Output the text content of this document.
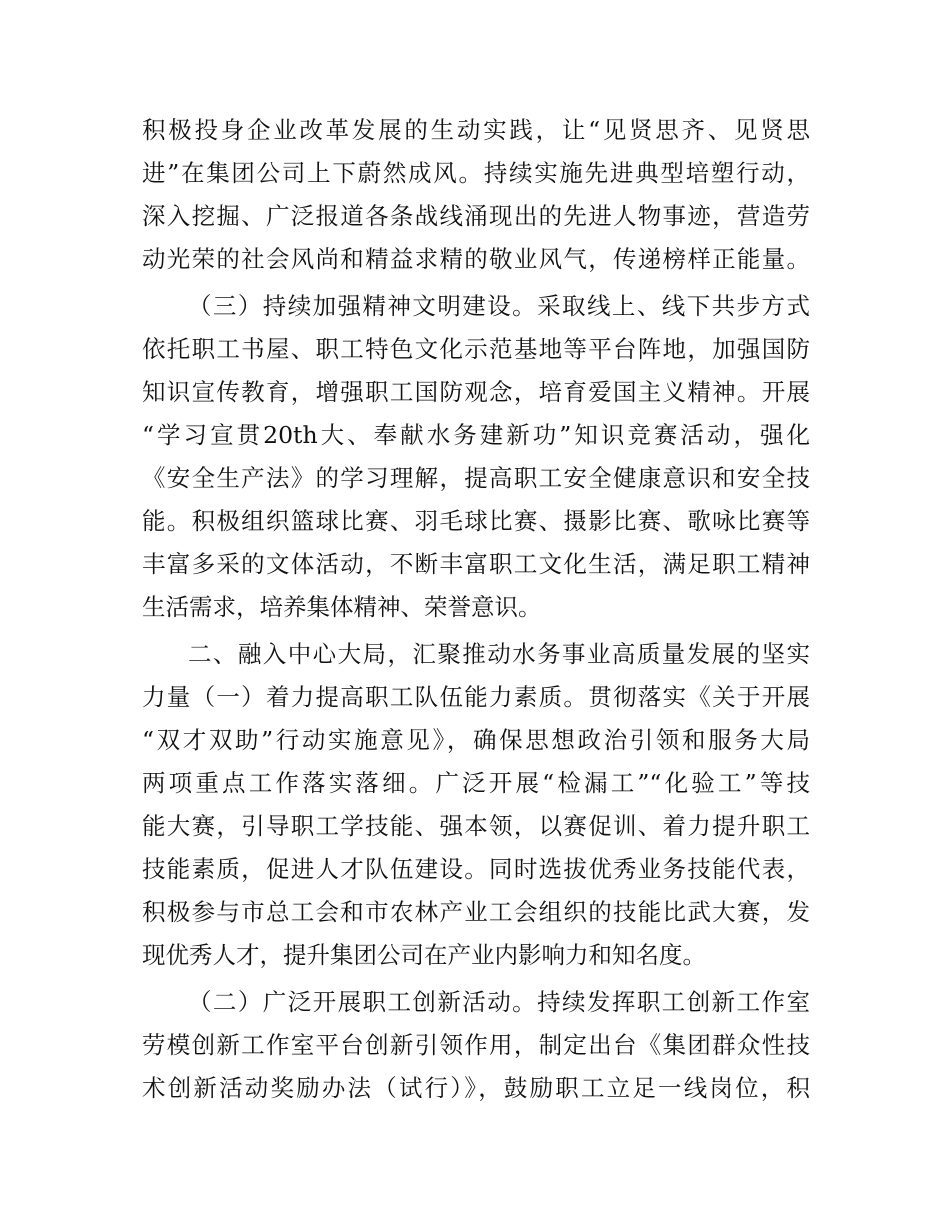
积极投身企业改革发展的生动实践，让“见贤思齐、见贤思
进”在集团公司上下蔚然成风。持续实施先进典型培塑行动，
深入挖掘、广泛报道各条战线涌现出的先进人物事迹，营造劳
动光荣的社会风尚和精益求精的敬业风气，传递榜样正能量。
（三）持续加强精神文明建设。采取线上、线下共步方式
依托职工书屋、职工特色文化示范基地等平台阵地，加强国防
知识宣传教育，增强职工国防观念，培育爱国主义精神。开展
“学习宣贯20th大、奉献水务建新功”知识竞赛活动，强化
《安全生产法》的学习理解，提高职工安全健康意识和安全技
能。积极组织篮球比赛、羽毛球比赛、摄影比赛、歌咏比赛等
丰富多采的文体活动，不断丰富职工文化生活，满足职工精神
生活需求，培养集体精神、荣誉意识。
二、融入中心大局，汇聚推动水务事业高质量发展的坚实
力量（一）着力提高职工队伍能力素质。贯彻落实《关于开展
“双才双助”行动实施意见》，确保思想政治引领和服务大局
两项重点工作落实落细。广泛开展“检漏工”“化验工”等技
能大赛，引导职工学技能、强本领，以赛促训、着力提升职工
技能素质，促进人才队伍建设。同时选拔优秀业务技能代表，
积极参与市总工会和市农林产业工会组织的技能比武大赛，发
现优秀人才，提升集团公司在产业内影响力和知名度。
（二）广泛开展职工创新活动。持续发挥职工创新工作室
劳模创新工作室平台创新引领作用，制定出台《集团群众性技
术创新活动奖励办法（试行）》，鼓励职工立足一线岗位，积
